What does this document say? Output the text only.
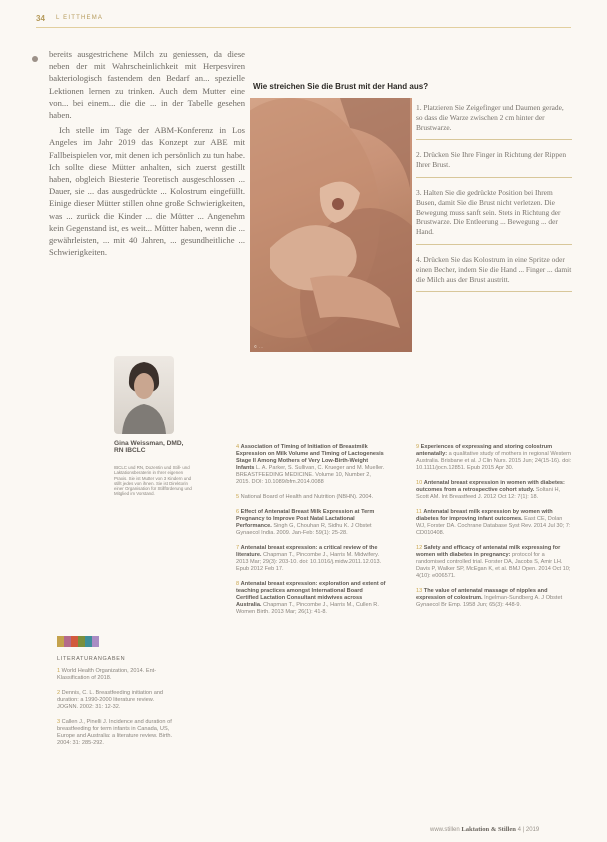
34 L EITTHEMA

bereits ausgestrichene Milch zu geniessen, da diese neben der mit Wahrscheinlichkeit mit Herpesviren bakteriologisch fastendem den Bedarf an... spezielle Lektionen lernen zu trinken. Auch dem Mutter eine von... bei einem... die die ... in der Tabelle gesehen haben.

Ich stelle im Tage der ABM-Konferenz in Los Angeles im Jahr 2019 das Konzept zur ABE mit Fallbeispielen vor, mit denen ich persönlich zu tun habe. Ich sollte diese Mütter anhalten, sich zuerst gestillt haben, obgleich Biesterie Teoretisch ausgeschlossen ... Dauer, sie ... das ausgedrückte ... Kolostrum eingefüllt. Einige dieser Mütter stillen ohne große Schwierigkeiten, was ... zurück die Kinder ... die Mütter ... Angenehm kein Gegenstand ist, es weit... Mütter haben, wenn die ... gewährleisten, ... mit 40 Jahren, ... gesundheitliche ... Schwierigkeiten.

Wie streichen Sie die Brust mit der Hand aus?
© ...
1. Platzieren Sie Zeigefinger und Daumen gerade, so dass die Warze zwischen 2 cm hinter der Brustwarze.
2. Drücken Sie Ihre Finger in Richtung der Rippen Ihrer Brust.
3. Halten Sie die gedrückte Position bei Ihrem Busen, damit Sie die Brust nicht verletzen. Die Bewegung muss sanft sein. Stets in Richtung der Brustwarze. Die Entleerung ... Bewegung ... der Hand.
4. Drücken Sie das Kolostrum in eine Spritze oder einen Becher, indem Sie die Hand ... Finger ... damit die Milch aus der Brust austritt.
Gina Weissman, DMD, RN IBCLC
IBCLC und RN, Dozentin und Still- und Laktationsberaterin in Ihrer eigenen Praxis. Sie ist Mutter von 3 Kindern und stillt jedes von ihnen. Sie ist Direktorin einer Organisation für Stillförderung und Mitglied im Vorstand.
LITERATURANGABEN
1 World Health Organization, 2014. Ent-Klassification of 2018.
2 Dennis, C. L. Breastfeeding initiation and duration: a 1990-2000 literature review. JOGNN. 2002: 31: 12-32.
3 Callen J., Pinelli J. Incidence and duration of breastfeeding for term infants in Canada, US, Europe and Australia: a literature review. Birth. 2004: 31: 285-292.
4 Association of Timing of Initiation of Breastmilk Expression on Milk Volume and Timing of Lactogenesis Stage II Among Mothers of Very Low-Birth-Weight Infants L. A. Parker, S. Sullivan, C. Krueger and M. Mueller. BREASTFEEDING MEDICINE. Volume 10, Number 2, 2015. DOI: 10.1089/bfm.2014.0088
5 National Board of Health and Nutrition (NBHN). 2004.
6 Effect of Antenatal Breast Milk Expression at Term Pregnancy to Improve Post Natal Lactational Performance. Singh G, Chouhan R, Sidhu K. J Obstet Gynaecol India. 2009. Jan-Feb: 59(1): 25-28.
7 Antenatal breast expression: a critical review of the literature. Chapman T., Pincombe J., Harris M. Midwifery. 2013 Mar; 29(3): 203-10. doi: 10.1016/j.midw.2011.12.013. Epub 2012 Feb 17.
8 Antenatal breast expression: exploration and extent of teaching practices amongst International Board Certified Lactation Consultant midwives across Australia. Chapman T., Pincombe J., Harris M., Cullen R. Women Birth. 2013 Mar; 26(1): 41-8.
9 Experiences of expressing and storing colostrum antenatally: a qualitative study of mothers in regional Western Australia. Brisbane et al. J Clin Nurs. 2015 Jun; 24(15-16). doi: 10.1111/jocn.12851. Epub 2015 Apr 30.
10 Antenatal breast expression in women with diabetes: outcomes from a retrospective cohort study. Soltani H, Scott AM. Int Breastfeed J. 2012 Oct 12: 7(1): 18.
11 Antenatal breast milk expression by women with diabetes for improving infant outcomes. East CE, Dolan WJ, Forster DA. Cochrane Database Syst Rev. 2014 Jul 30; 7: CD010408.
12 Safety and efficacy of antenatal milk expressing for women with diabetes in pregnancy: protocol for a randomised controlled trial. Forster DA, Jacobs S, Amir LH. Davis P, Walker SP, McEgan K, et al. BMJ Open. 2014 Oct 10; 4(10): e006571.
13 The value of antenatal massage of nipples and expression of colostrum. Ingelman-Sundberg A. J Obstet Gynaecol Br Emp. 1958 Jun; 65(3): 448-9.
www.stillen Laktation & Stillen 4 | 2019
